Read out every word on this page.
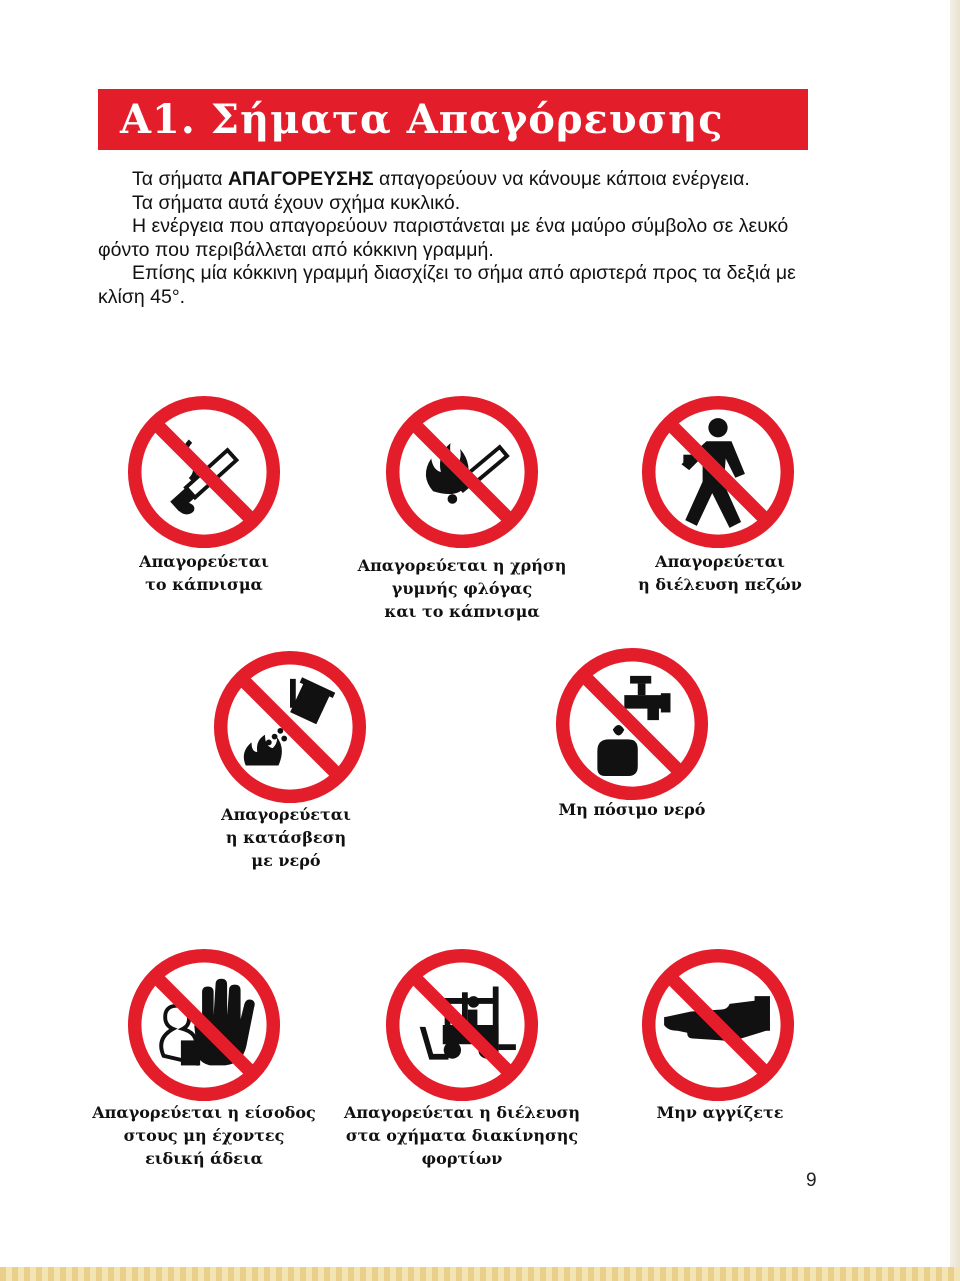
A1. Σήματα Απαγόρευσης

Τα σήματα ΑΠΑΓΟΡΕΥΣΗΣ απαγορεύουν να κάνουμε κάποια ενέργεια.

Τα σήματα αυτά έχουν σχήμα κυκλικό.

Η ενέργεια που απαγορεύουν παριστάνεται με ένα μαύρο σύμβολο σε λευκό φόντο που περιβάλλεται από κόκκινη γραμμή.

Επίσης μία κόκκινη γραμμή διασχίζει το σήμα από αριστερά προς τα δεξιά με κλίση 45°.

Απαγορεύεται
το κάπνισμα
Απαγορεύεται η χρήση
γυμνής φλόγας
και το κάπνισμα
Απαγορεύεται
η διέλευση πεζών
Απαγορεύεται
η κατάσβεση
με νερό
Μη πόσιμο νερό
Απαγορεύεται η είσοδος
στους μη έχοντες
ειδική άδεια
Απαγορεύεται η διέλευση
στα οχήματα διακίνησης
φορτίων
Μην αγγίζετε
9
